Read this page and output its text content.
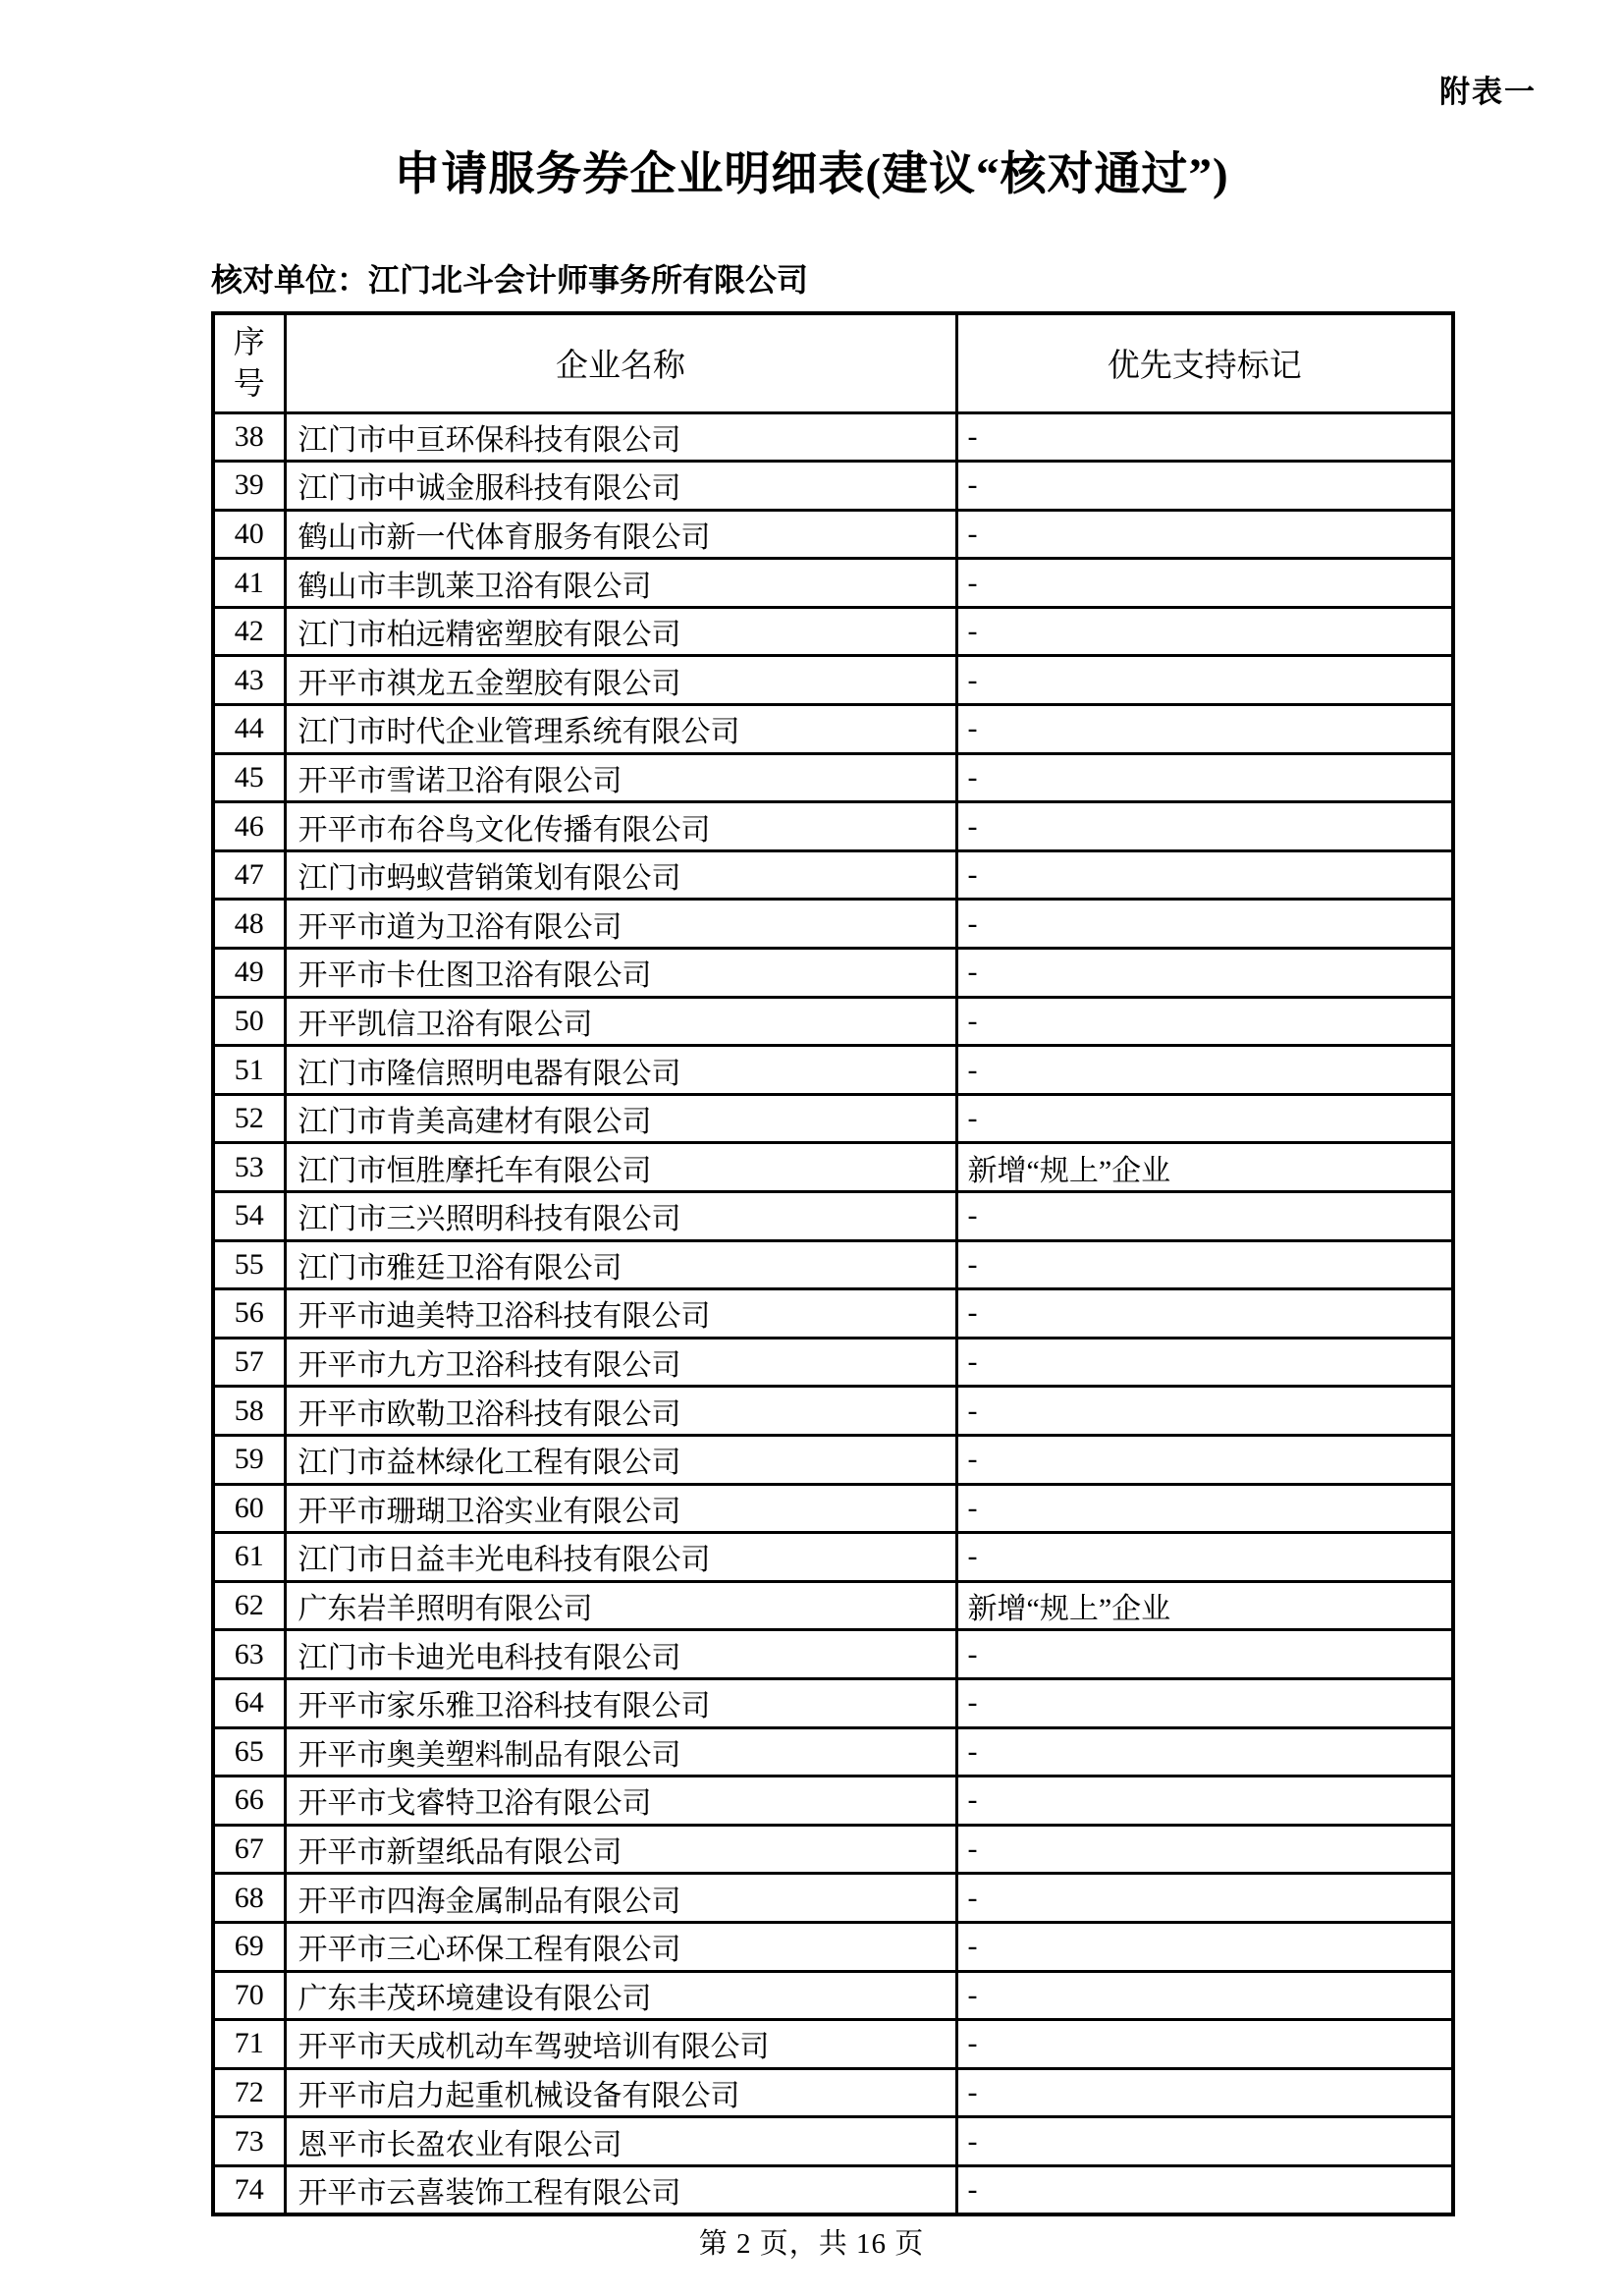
附表一
申请服务券企业明细表(建议“核对通过”)
核对单位：江门北斗会计师事务所有限公司
序号	企业名称	优先支持标记
38	江门市中亘环保科技有限公司	-
39	江门市中诚金服科技有限公司	-
40	鹤山市新一代体育服务有限公司	-
41	鹤山市丰凯莱卫浴有限公司	-
42	江门市柏远精密塑胶有限公司	-
43	开平市祺龙五金塑胶有限公司	-
44	江门市时代企业管理系统有限公司	-
45	开平市雪诺卫浴有限公司	-
46	开平市布谷鸟文化传播有限公司	-
47	江门市蚂蚁营销策划有限公司	-
48	开平市道为卫浴有限公司	-
49	开平市卡仕图卫浴有限公司	-
50	开平凯信卫浴有限公司	-
51	江门市隆信照明电器有限公司	-
52	江门市肯美高建材有限公司	-
53	江门市恒胜摩托车有限公司	新增“规上”企业
54	江门市三兴照明科技有限公司	-
55	江门市雅廷卫浴有限公司	-
56	开平市迪美特卫浴科技有限公司	-
57	开平市九方卫浴科技有限公司	-
58	开平市欧勒卫浴科技有限公司	-
59	江门市益林绿化工程有限公司	-
60	开平市珊瑚卫浴实业有限公司	-
61	江门市日益丰光电科技有限公司	-
62	广东岩羊照明有限公司	新增“规上”企业
63	江门市卡迪光电科技有限公司	-
64	开平市家乐雅卫浴科技有限公司	-
65	开平市奥美塑料制品有限公司	-
66	开平市戈睿特卫浴有限公司	-
67	开平市新望纸品有限公司	-
68	开平市四海金属制品有限公司	-
69	开平市三心环保工程有限公司	-
70	广东丰茂环境建设有限公司	-
71	开平市天成机动车驾驶培训有限公司	-
72	开平市启力起重机械设备有限公司	-
73	恩平市长盈农业有限公司	-
74	开平市云喜装饰工程有限公司	-
第 2 页，共 16 页
